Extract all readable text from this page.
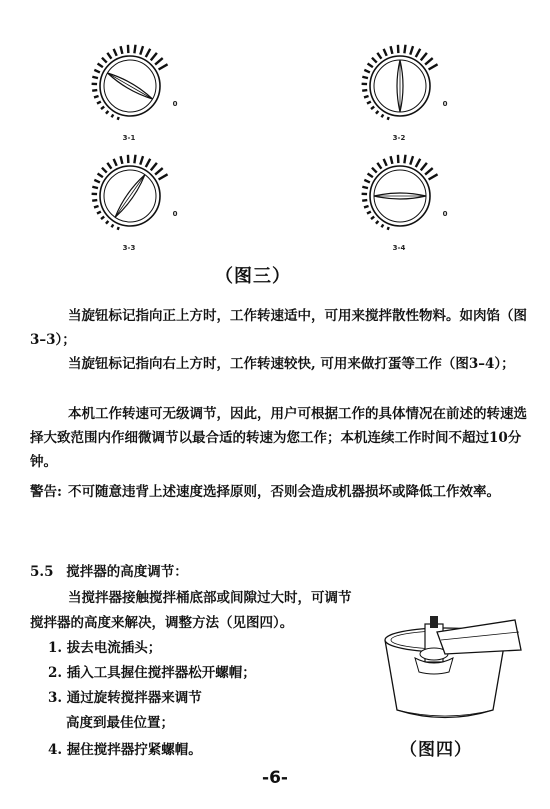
3-1
0
3-2
0
3-3
0
3-4
0
（图三）
当旋钮标记指向正上方时，工作转速适中，可用来搅拌散性物料。如肉馅（图3–3）；
当旋钮标记指向右上方时，工作转速较快, 可用来做打蛋等工作（图3–4）；
本机工作转速可无级调节，因此，用户可根据工作的具体情况在前述的转速选择大致范围内作细微调节以最合适的转速为您工作；本机连续工作时间不超过10分钟。
警告: 不可随意违背上述速度选择原则，否则会造成机器损坏或降低工作效率。
5.5 搅拌器的高度调节：
当搅拌器接触搅拌桶底部或间隙过大时，可调节
搅拌器的高度来解决，调整方法（见图四）。
1. 拔去电流插头；
2. 插入工具握住搅拌器松开螺帽；
3. 通过旋转搅拌器来调节
高度到最佳位置；
4. 握住搅拌器拧紧螺帽。	（图四）
-6-
